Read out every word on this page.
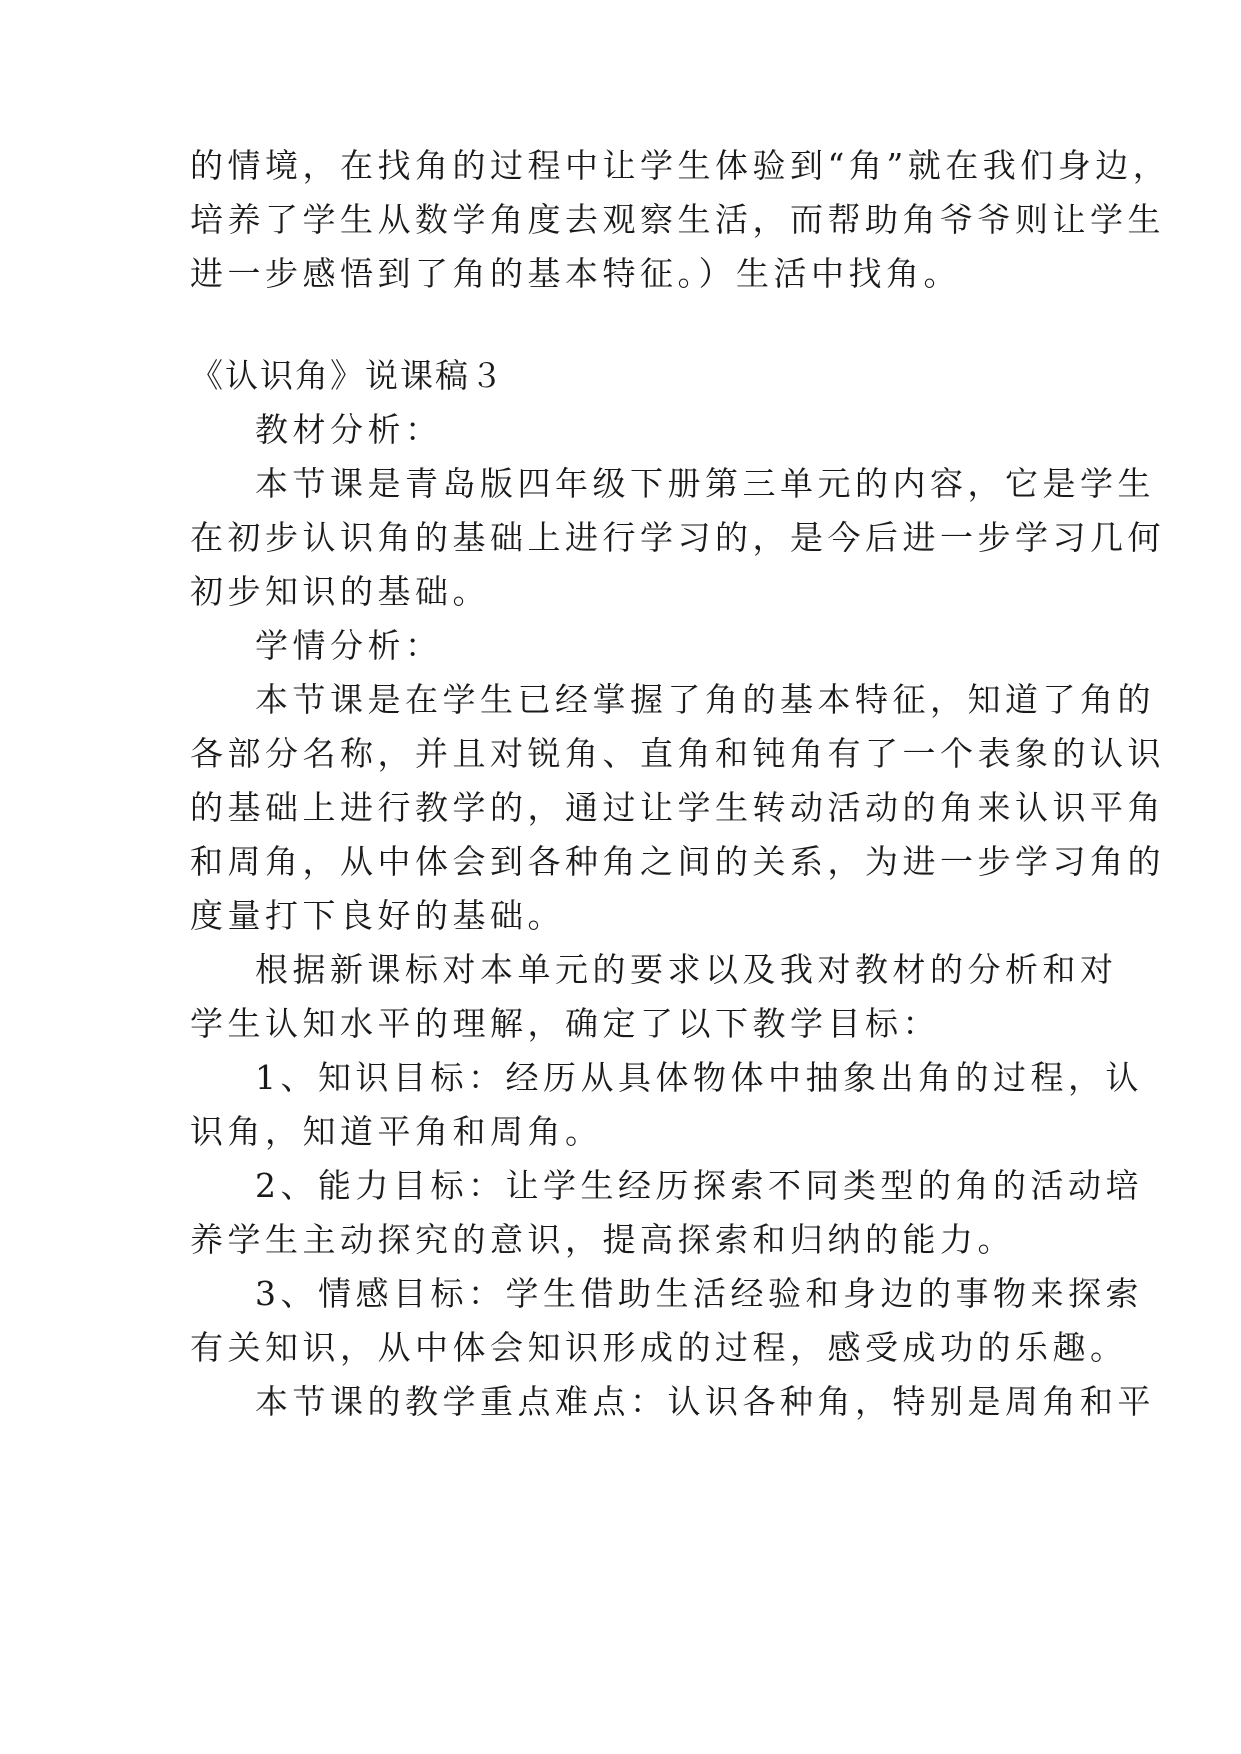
的情境，在找角的过程中让学生体验到“角”就在我们身边，
培养了学生从数学角度去观察生活，而帮助角爷爷则让学生
进一步感悟到了角的基本特征。）生活中找角。
《认识角》说课稿３
教材分析：
本节课是青岛版四年级下册第三单元的内容，它是学生
在初步认识角的基础上进行学习的，是今后进一步学习几何
初步知识的基础。
学情分析：
本节课是在学生已经掌握了角的基本特征，知道了角的
各部分名称，并且对锐角、直角和钝角有了一个表象的认识
的基础上进行教学的，通过让学生转动活动的角来认识平角
和周角，从中体会到各种角之间的关系，为进一步学习角的
度量打下良好的基础。
根据新课标对本单元的要求以及我对教材的分析和对
学生认知水平的理解，确定了以下教学目标：
1、知识目标：经历从具体物体中抽象出角的过程，认
识角，知道平角和周角。
2、能力目标：让学生经历探索不同类型的角的活动培
养学生主动探究的意识，提高探索和归纳的能力。
3、情感目标：学生借助生活经验和身边的事物来探索
有关知识，从中体会知识形成的过程，感受成功的乐趣。
本节课的教学重点难点：认识各种角，特别是周角和平
